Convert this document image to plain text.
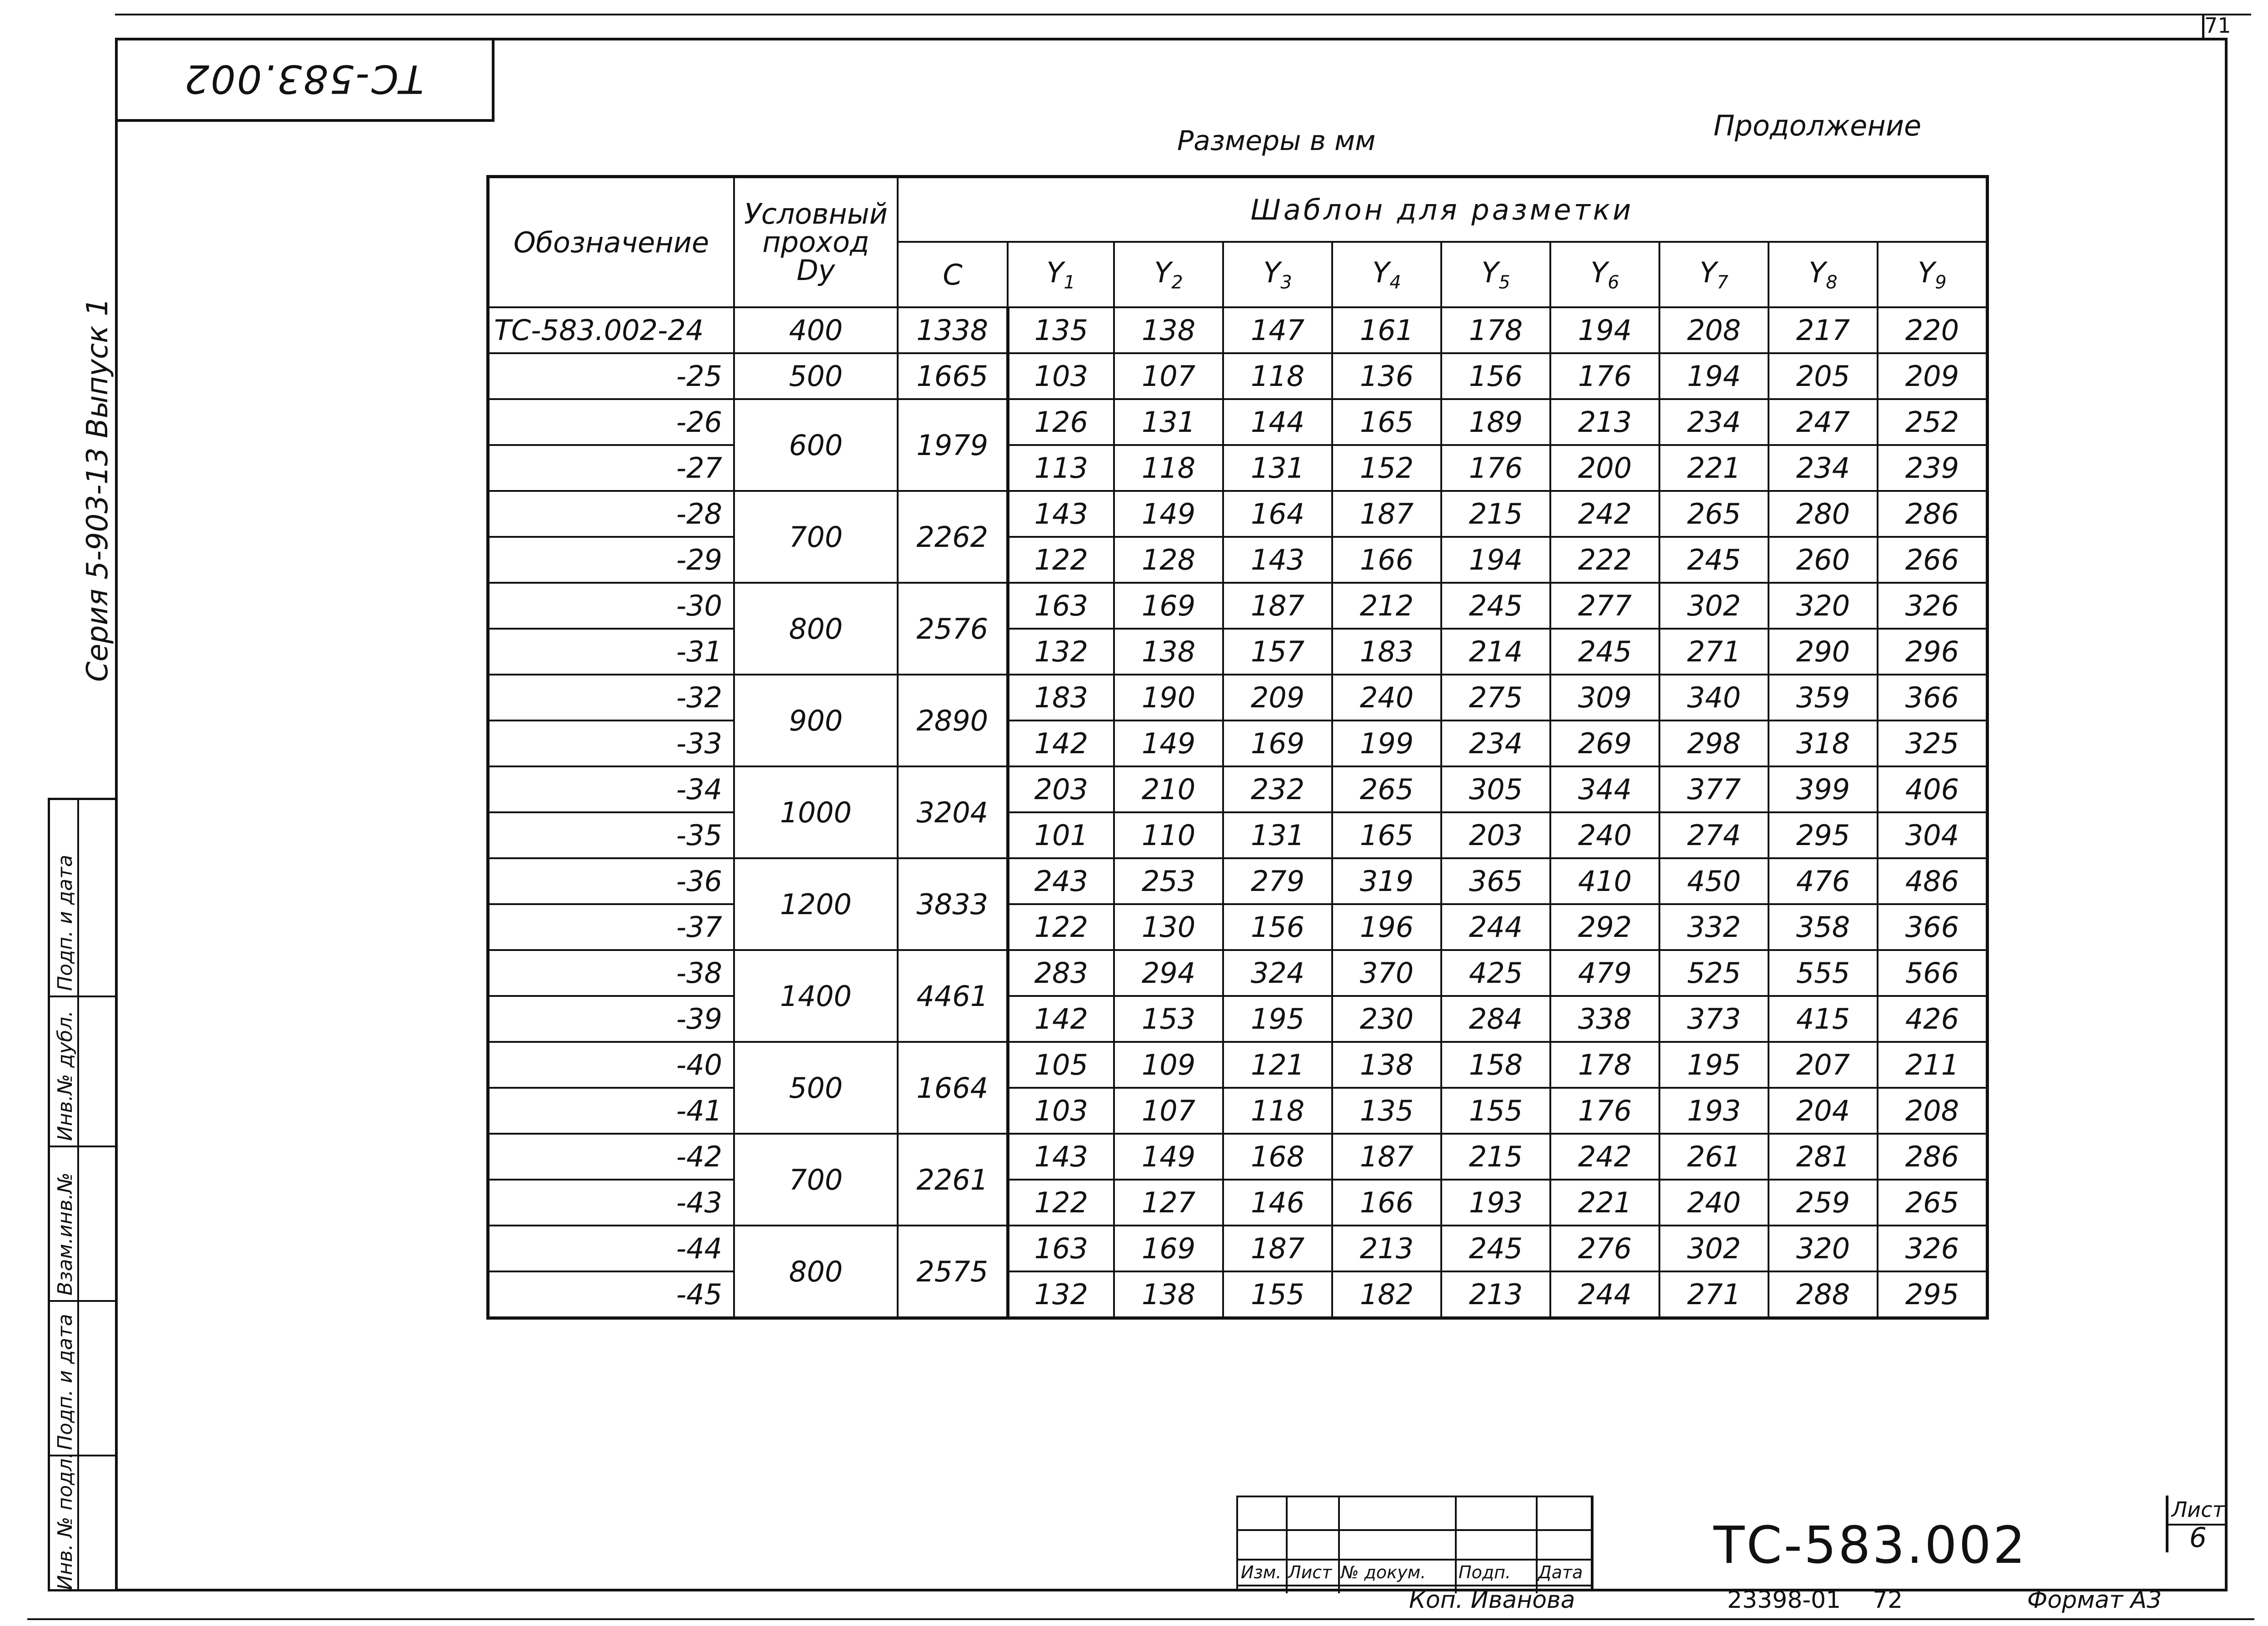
71
ТС-583.002
Серия 5-903-13 Выпуск 1
Инв. № подл.
Подп. и дата
Взам.инв.№
Инв.№ дубл.
Подп. и дата
Размеры в мм	Продолжение
Обозначение	Условный
проход
Dу	Шаблон для разметки									
		С	$Y_1$	$Y_2$	$Y_3$	$Y_4$	$Y_5$	$Y_6$	$Y_7$	$Y_8$	$Y_9$
ТС-583.002-24	400	1338	135	138	147	161	178	194	208	217	220
-25	500	1665	103	107	118	136	156	176	194	205	209
-26	600	1979	126	131	144	165	189	213	234	247	252
-27			113	118	131	152	176	200	221	234	239
-28	700	2262	143	149	164	187	215	242	265	280	286
-29			122	128	143	166	194	222	245	260	266
-30	800	2576	163	169	187	212	245	277	302	320	326
-31			132	138	157	183	214	245	271	290	296
-32	900	2890	183	190	209	240	275	309	340	359	366
-33			142	149	169	199	234	269	298	318	325
-34	1000	3204	203	210	232	265	305	344	377	399	406
-35			101	110	131	165	203	240	274	295	304
-36	1200	3833	243	253	279	319	365	410	450	476	486
-37			122	130	156	196	244	292	332	358	366
-38	1400	4461	283	294	324	370	425	479	525	555	566
-39			142	153	195	230	284	338	373	415	426
-40	500	1664	105	109	121	138	158	178	195	207	211
-41			103	107	118	135	155	176	193	204	208
-42	700	2261	143	149	168	187	215	242	261	281	286
-43			122	127	146	166	193	221	240	259	265
-44	800	2575	163	169	187	213	245	276	302	320	326
-45			132	138	155	182	213	244	271	288	295
Изм. Лист № докум. Подп. Дата	ТС-583.002
Лист
6
Коп. Иванова	23398-01 72	Формат А3
